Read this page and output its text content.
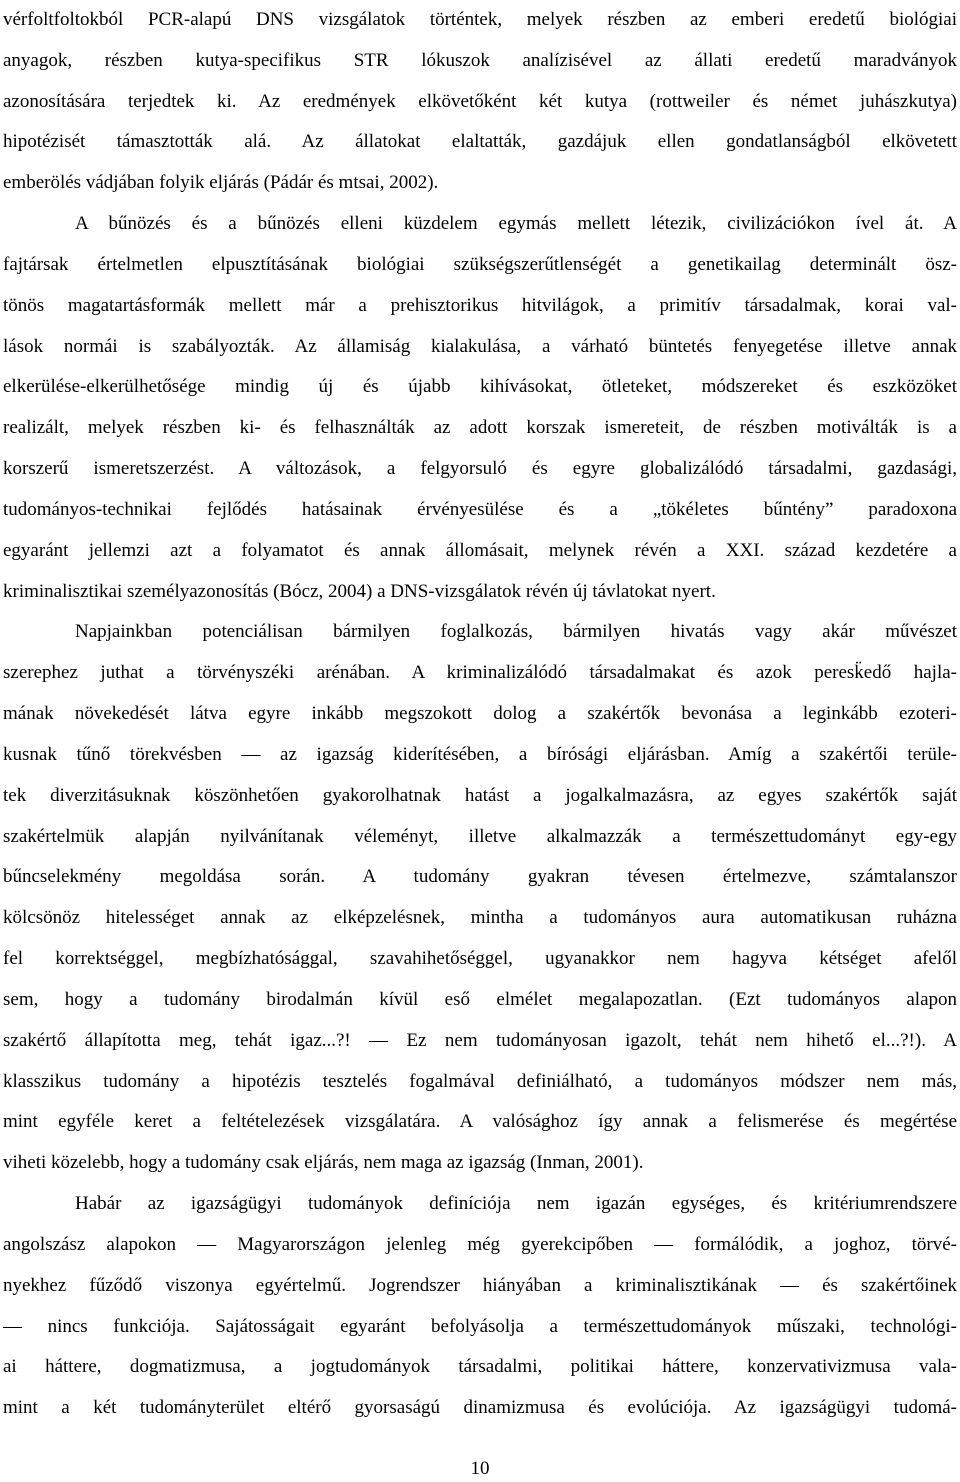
vérfoltfoltokból PCR-alapú DNS vizsgálatok történtek, melyek részben az emberi eredetű biológiai
anyagok, részben kutya-specifikus STR lókuszok analízisével az állati eredetű maradványok
azonosítására terjedtek ki. Az eredmények elkövetőként két kutya (rottweiler és német juhászkutya)
hipotézisét támasztották alá. Az állatokat elaltatták, gazdájuk ellen gondatlanságból elkövetett
emberölés vádjában folyik eljárás (Pádár és mtsai, 2002).
A bűnözés és a bűnözés elleni küzdelem egymás mellett létezik, civilizációkon ível át. A
fajtársak értelmetlen elpusztításának biológiai szükségszerűtlenségét a genetikailag determinált ösz-
tönös magatartásformák mellett már a prehisztorikus hitvilágok, a primitív társadalmak, korai val-
lások normái is szabályozták. Az államiság kialakulása, a várható büntetés fenyegetése illetve annak
elkerülése-elkerülhetősége mindig új és újabb kihívásokat, ötleteket, módszereket és eszközöket
realizált, melyek részben ki- és felhasználták az adott korszak ismereteit, de részben motiválták is a
korszerű ismeretszerzést. A változások, a felgyorsuló és egyre globalizálódó társadalmi, gazdasági,
tudományos-technikai fejlődés hatásainak érvényesülése és a „tökéletes bűntény” paradoxona
egyaránt jellemzi azt a folyamatot és annak állomásait, melynek révén a XXI. század kezdetére a
kriminalisztikai személyazonosítás (Bócz, 2004) a DNS-vizsgálatok révén új távlatokat nyert.
Napjainkban potenciálisan bármilyen foglalkozás, bármilyen hivatás vagy akár művészet
szerephez juthat a törvényszéki arénában. A kriminalizálódó társadalmakat és azok peresk̈edő hajla-
mának növekedését látva egyre inkább megszokott dolog a szakértők bevonása a leginkább ezoteri-
kusnak tűnő törekvésben ― az igazság kiderítésében, a bírósági eljárásban. Amíg a szakértői terüle-
tek diverzitásuknak köszönhetően gyakorolhatnak hatást a jogalkalmazásra, az egyes szakértők saját
szakértelmük alapján nyilvánítanak véleményt, illetve alkalmazzák a természettudományt egy-egy
bűncselekmény megoldása során. A tudomány gyakran tévesen értelmezve, számtalanszor
kölcsönöz hitelességet annak az elképzelésnek, mintha a tudományos aura automatikusan ruházna
fel korrektséggel, megbízhatósággal, szavahihetőséggel, ugyanakkor nem hagyva kétséget afelől
sem, hogy a tudomány birodalmán kívül eső elmélet megalapozatlan. (Ezt tudományos alapon
szakértő állapította meg, tehát igaz...?! ― Ez nem tudományosan igazolt, tehát nem hihető el...?!). A
klasszikus tudomány a hipotézis tesztelés fogalmával definiálható, a tudományos módszer nem más,
mint egyféle keret a feltételezések vizsgálatára. A valósághoz így annak a felismerése és megértése
viheti közelebb, hogy a tudomány csak eljárás, nem maga az igazság (Inman, 2001).
Habár az igazságügyi tudományok definíciója nem igazán egységes, és kritériumrendszere
angolszász alapokon ― Magyarországon jelenleg még gyerekcipőben ― formálódik, a joghoz, törvé-
nyekhez fűződő viszonya egyértelmű. Jogrendszer hiányában a kriminalisztikának ― és szakértőinek
― nincs funkciója. Sajátosságait egyaránt befolyásolja a természettudományok műszaki, technológi-
ai háttere, dogmatizmusa, a jogtudományok társadalmi, politikai háttere, konzervativizmusa vala-
mint a két tudományterület eltérő gyorsaságú dinamizmusa és evolúciója. Az igazságügyi tudomá-
10
